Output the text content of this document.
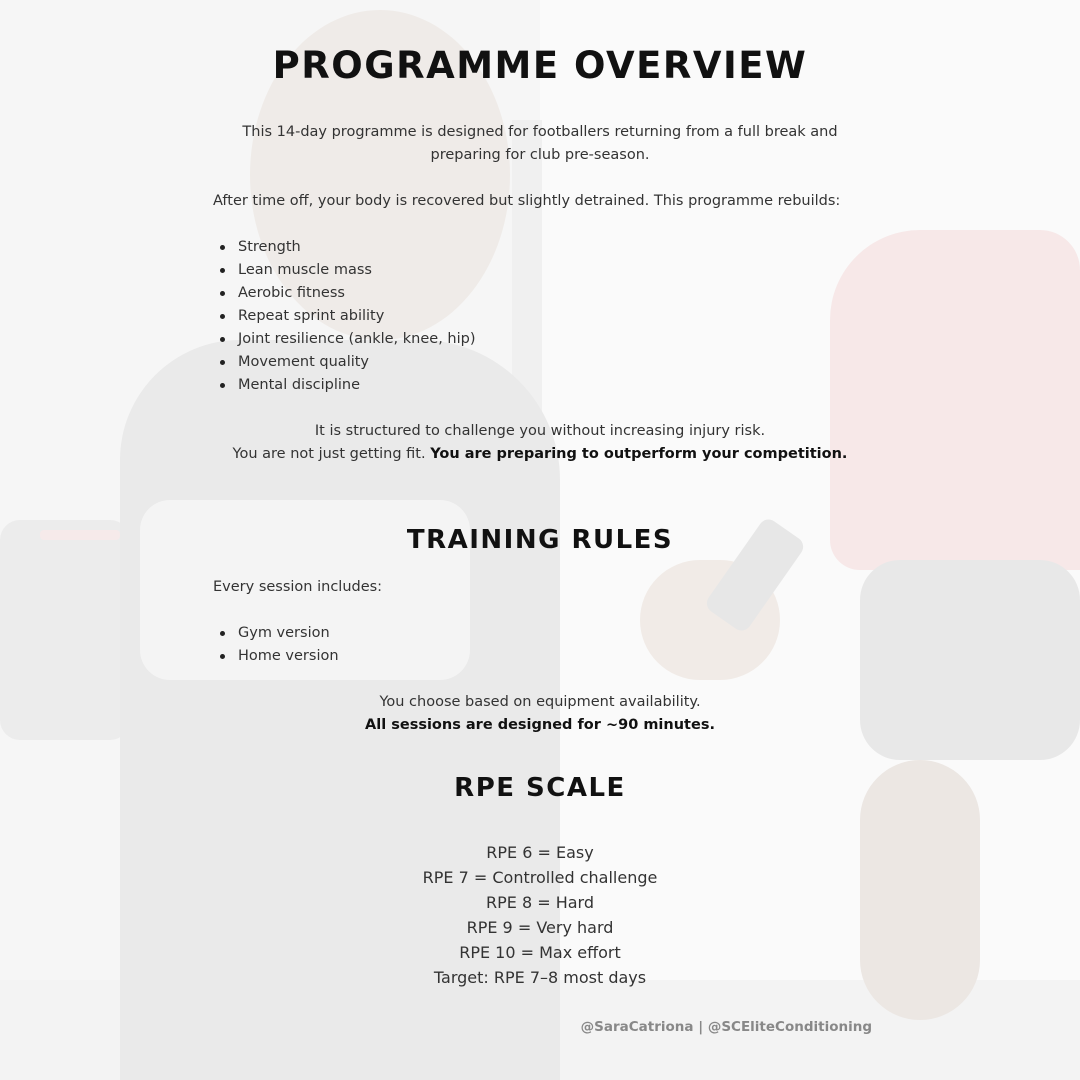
PROGRAMME OVERVIEW
This 14-day programme is designed for footballers returning from a full break and
preparing for club pre-season.
After time off, your body is recovered but slightly detrained. This programme rebuilds:
Strength
Lean muscle mass
Aerobic fitness
Repeat sprint ability
Joint resilience (ankle, knee, hip)
Movement quality
Mental discipline
It is structured to challenge you without increasing injury risk.
You are not just getting fit. You are preparing to outperform your competition.
TRAINING RULES
Every session includes:
Gym version
Home version
You choose based on equipment availability.
All sessions are designed for ~90 minutes.
RPE SCALE
RPE 6 = Easy
RPE 7 = Controlled challenge
RPE 8 = Hard
RPE 9 = Very hard
RPE 10 = Max effort
Target: RPE 7–8 most days
@SaraCatriona | @SCEliteConditioning
